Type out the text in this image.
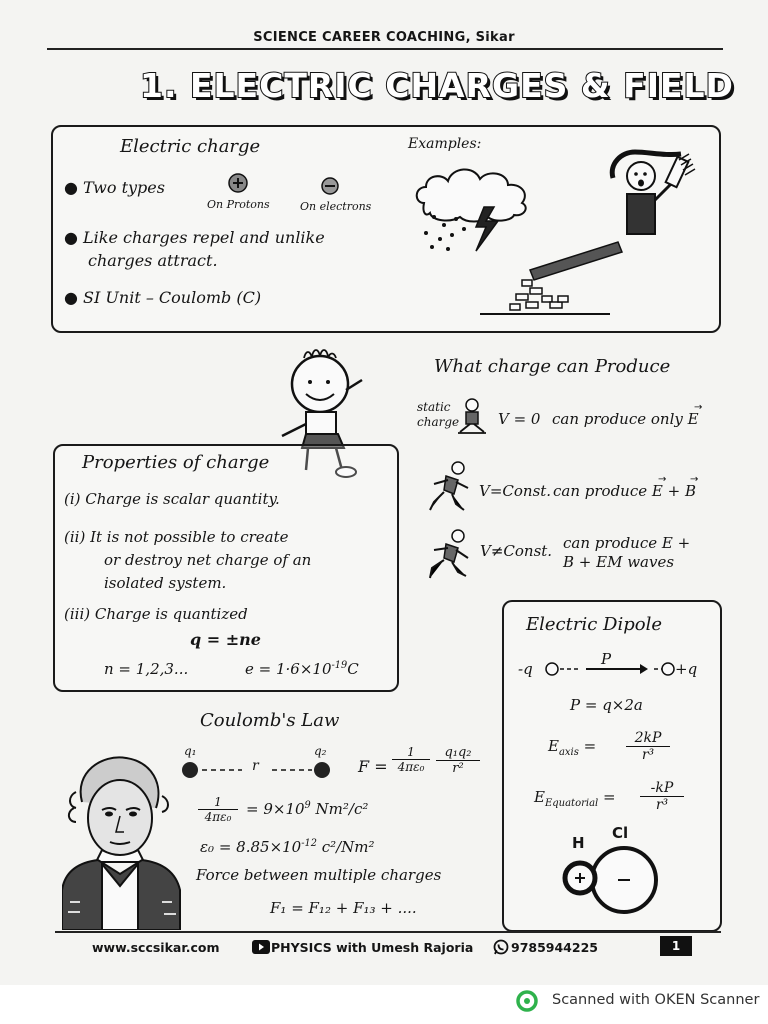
SCIENCE CAREER COACHING, Sikar
1. ELECTRIC CHARGES & FIELD
Electric charge
● Two types
On Protons	On electrons
● Like charges repel and unlike
charges attract.
● SI Unit – Coulomb (C)
Examples:
What charge can Produce
static
charge	V = 0 can produce only E
→
V=Const. can produce E + B
→ →
V≠Const. can produce E +
B + EM waves
Properties of charge
(i) Charge is scalar quantity.
(ii) It is not possible to create
or destroy net charge of an
isolated system.
(iii) Charge is quantized
q = ±ne
n = 1,2,3...	$e = 1\cdot 6\times 10^{-19}C$
Electric Dipole
-q
P
+q
P = q×2a
$E_{axis} = \frac{2kP}{\text{r³}}$
$E_{Equatorial} = \frac{-kP}{\text{r³}}$
H
Cl
Coulomb's Law
q₁	q₂
r	F =
1
4πε₀
q₁q₂
r²
$\frac{1}{\text{4πε₀}} = 9\times 10^9$ Nm²/c²
$\varepsilon_0 = 8.85\times 10^{-12}$ c²/Nm²
Force between multiple charges
F₁ = F₁₂ + F₁₃ + ....
www.sccsikar.com	PHYSICS with Umesh Rajoria	9785944225	1
Scanned with OKEN Scanner
